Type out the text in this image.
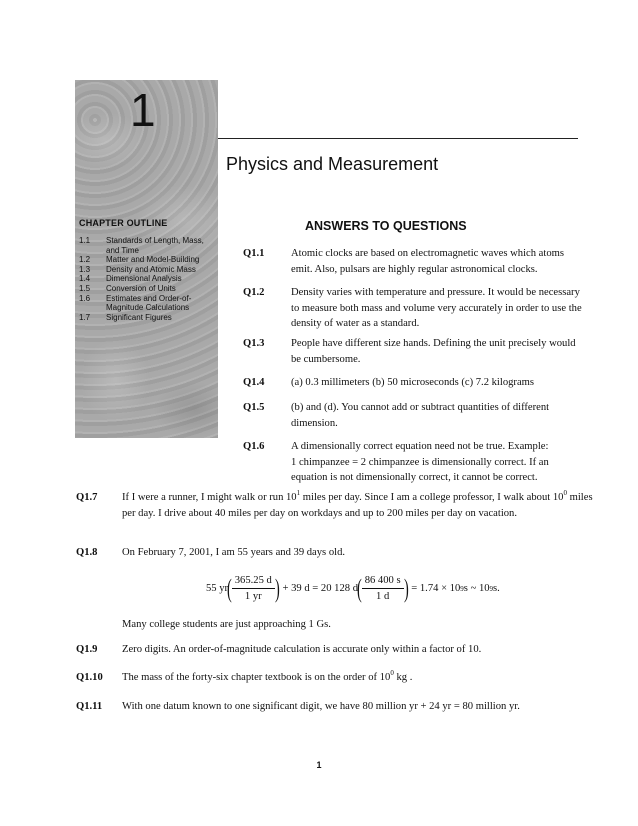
1
Physics and Measurement
CHAPTER OUTLINE
1.1	Standards of Length, Mass, and Time
1.2	Matter and Model-Building
1.3	Density and Atomic Mass
1.4	Dimensional Analysis
1.5	Conversion of Units
1.6	Estimates and Order-of-Magnitude Calculations
1.7	Significant Figures
ANSWERS TO QUESTIONS
Q1.1	Atomic clocks are based on electromagnetic waves which atoms emit. Also, pulsars are highly regular astronomical clocks.
Q1.2	Density varies with temperature and pressure. It would be necessary to measure both mass and volume very accurately in order to use the density of water as a standard.
Q1.3	People have different size hands. Defining the unit precisely would be cumbersome.
Q1.4	(a) 0.3 millimeters (b) 50 microseconds (c) 7.2 kilograms
Q1.5	(b) and (d). You cannot add or subtract quantities of different dimension.
Q1.6	A dimensionally correct equation need not be true. Example:
1 chimpanzee = 2 chimpanzee is dimensionally correct. If an equation is not dimensionally correct, it cannot be correct.
Q1.7 If I were a runner, I might walk or run $10^1$ miles per day. Since I am a college professor, I walk about $10^0$ miles per day. I drive about 40 miles per day on workdays and up to 200 miles per day on vacation.
Q1.8 On February 7, 2001, I am 55 years and 39 days old.
55 yr
( $\frac{365.25 d}{1 yr}$ ) + 39 d = 20 128 d
( $\frac{86 400 s}{1 d}$ ) = 1.74 × 10 9 s ~ 10 9 s.
Many college students are just approaching 1 Gs.
Q1.9 Zero digits. An order-of-magnitude calculation is accurate only within a factor of 10.
Q1.10 The mass of the forty-six chapter textbook is on the order of $10^0$ kg .
Q1.11 With one datum known to one significant digit, we have 80 million yr + 24 yr = 80 million yr.
1
